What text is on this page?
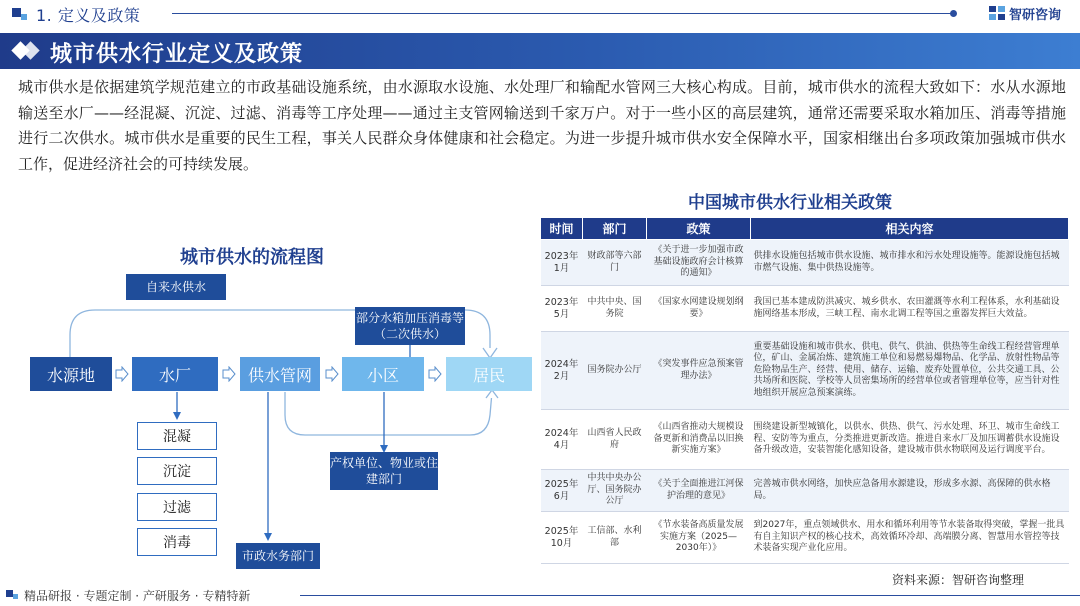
1. 定义及政策	智研咨询
城市供水行业定义及政策

城市供水是依据建筑学规范建立的市政基础设施系统，由水源取水设施、水处理厂和输配水管网三大核心构成。目前，城市供水的流程大致如下：水从水源地输送至水厂——经混凝、沉淀、过滤、消毒等工序处理——通过主支管网输送到千家万户。对于一些小区的高层建筑，通常还需要采取水箱加压、消毒等措施进行二次供水。城市供水是重要的民生工程，事关人民群众身体健康和社会稳定。为进一步提升城市供水安全保障水平，国家相继出台多项政策加强城市供水工作，促进经济社会的可持续发展。

城市供水的流程图
自来水供水
部分水箱加压消毒等（二次供水）
产权单位、物业或住建部门
市政水务部门
水源地	水厂	供水管网	小区	居民
混凝
沉淀
过滤
消毒
中国城市供水行业相关政策
时间	部门	政策	相关内容
2023年1月	财政部等六部门	《关于进一步加强市政基础设施政府会计核算的通知》	供排水设施包括城市供水设施、城市排水和污水处理设施等。能源设施包括城市燃气设施、集中供热设施等。
2023年5月	中共中央、国务院	《国家水网建设规划纲要》	我国已基本建成防洪减灾、城乡供水、农田灌溉等水利工程体系，水利基础设施网络基本形成，三峡工程、南水北调工程等国之重器发挥巨大效益。
2024年2月	国务院办公厅	《突发事件应急预案管理办法》	重要基础设施和城市供水、供电、供气、供油、供热等生命线工程经营管理单位，矿山、金属冶炼、建筑施工单位和易燃易爆物品、化学品、放射性物品等危险物品生产、经营、使用、储存、运输、废弃处置单位，公共交通工具、公共场所和医院、学校等人员密集场所的经营单位或者管理单位等，应当针对性地组织开展应急预案演练。
2024年4月	山西省人民政府	《山西省推动大规模设备更新和消费品以旧换新实施方案》	围绕建设新型城镇化，以供水、供热、供气、污水处理、环卫、城市生命线工程、安防等为重点，分类推进更新改造。推进自来水厂及加压调蓄供水设施设备升级改造，安装智能化感知设备，建设城市供水物联网及运行调度平台。
2025年6月	中共中央办公厅、国务院办公厅	《关于全面推进江河保护治理的意见》	完善城市供水网络，加快应急备用水源建设，形成多水源、高保障的供水格局。
2025年10月	工信部、水利部	《节水装备高质量发展实施方案（2025—2030年）》	到2027年，重点领域供水、用水和循环利用等节水装备取得突破，掌握一批具有自主知识产权的核心技术，高效循环冷却、高端膜分离、智慧用水管控等技术装备实现产业化应用。
资料来源：智研咨询整理
精品研报 · 专题定制 · 产研服务 · 专精特新
